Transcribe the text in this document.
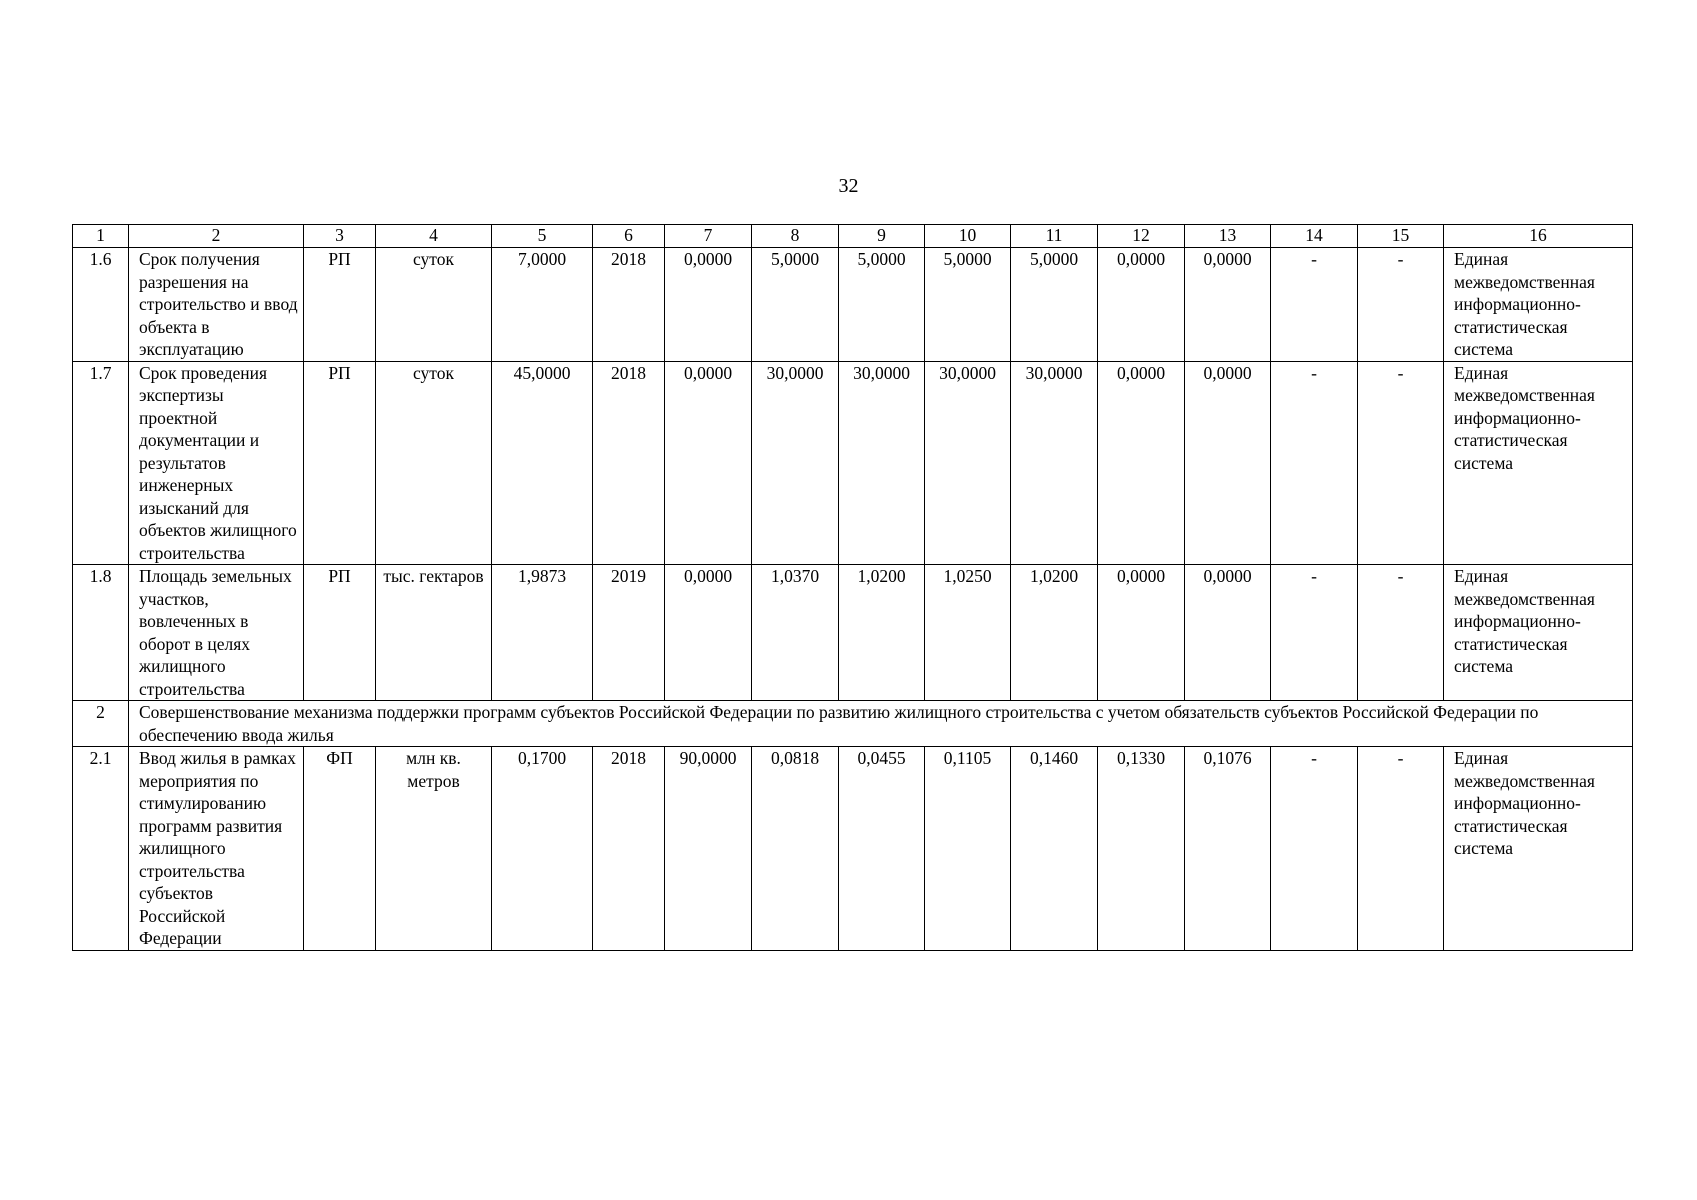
32
1	2	3	4	5	6	7	8	9	10	11	12	13	14	15	16
1.6	Срок получения разрешения на строительство и ввод объекта в эксплуатацию	РП	суток	7,0000	2018	0,0000	5,0000	5,0000	5,0000	5,0000	0,0000	0,0000	-	-	Единая межведомственная информационно-статистическая система
1.7	Срок проведения экспертизы проектной документации и результатов инженерных изысканий для объектов жилищного строительства	РП	суток	45,0000	2018	0,0000	30,0000	30,0000	30,0000	30,0000	0,0000	0,0000	-	-	Единая межведомственная информационно-статистическая система
1.8	Площадь земельных участков, вовлеченных в оборот в целях жилищного строительства	РП	тыс. гектаров	1,9873	2019	0,0000	1,0370	1,0200	1,0250	1,0200	0,0000	0,0000	-	-	Единая межведомственная информационно-статистическая система
2	Совершенствование механизма поддержки программ субъектов Российской Федерации по развитию жилищного строительства с учетом обязательств субъектов Российской Федерации по обеспечению ввода жилья														
2.1	Ввод жилья в рамках мероприятия по стимулированию программ развития жилищного строительства субъектов Российской Федерации	ФП	млн кв. метров	0,1700	2018	90,0000	0,0818	0,0455	0,1105	0,1460	0,1330	0,1076	-	-	Единая межведомственная информационно-статистическая система
